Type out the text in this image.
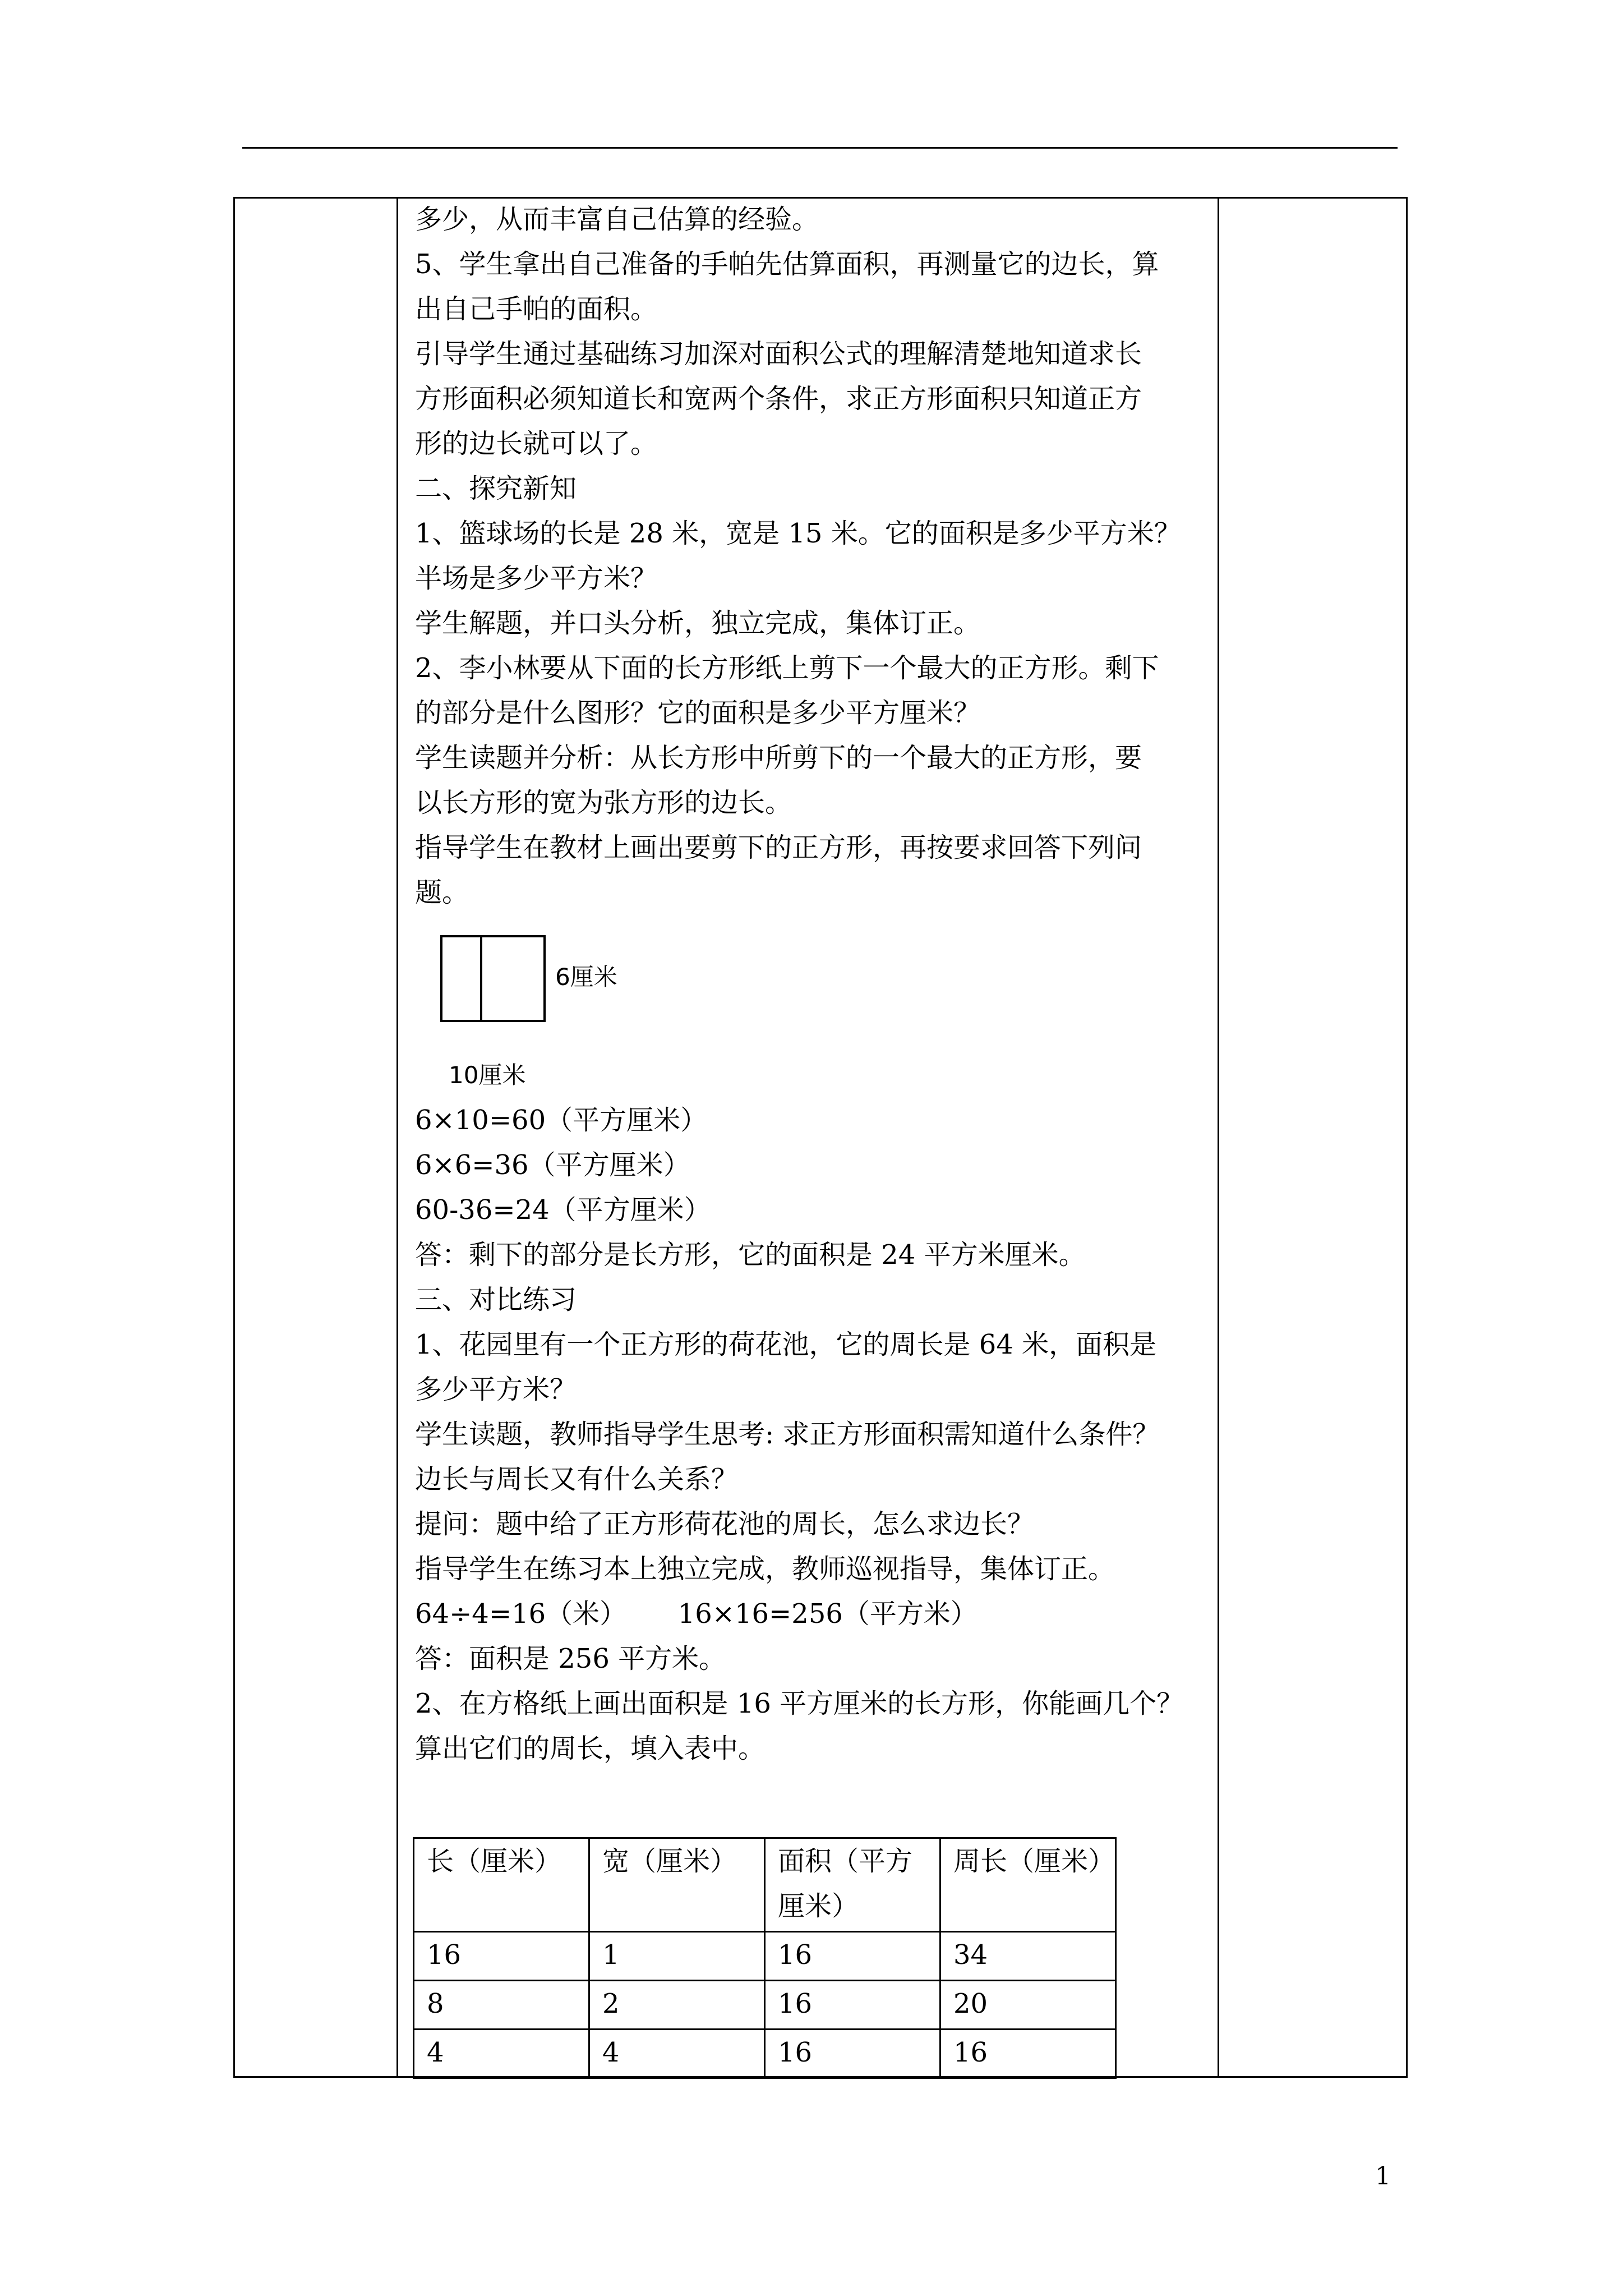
多少，从而丰富自己估算的经验。
5、学生拿出自己准备的手帕先估算面积，再测量它的边长，算
出自己手帕的面积。
引导学生通过基础练习加深对面积公式的理解清楚地知道求长
方形面积必须知道长和宽两个条件，求正方形面积只知道正方
形的边长就可以了。
二、探究新知
1、篮球场的长是 28 米，宽是 15 米。它的面积是多少平方米？
半场是多少平方米？
学生解题，并口头分析，独立完成，集体订正。
2、李小林要从下面的长方形纸上剪下一个最大的正方形。剩下
的部分是什么图形？它的面积是多少平方厘米？
学生读题并分析：从长方形中所剪下的一个最大的正方形，要
以长方形的宽为张方形的边长。
指导学生在教材上画出要剪下的正方形，再按要求回答下列问
题。
6厘米
10厘米
6×10=60（平方厘米）
6×6=36（平方厘米）
60-36=24（平方厘米）
答：剩下的部分是长方形，它的面积是 24 平方米厘米。
三、对比练习
1、花园里有一个正方形的荷花池，它的周长是 64 米，面积是
多少平方米？
学生读题，教师指导学生思考: 求正方形面积需知道什么条件？
边长与周长又有什么关系？
提问：题中给了正方形荷花池的周长，怎么求边长？
指导学生在练习本上独立完成，教师巡视指导，集体订正。
64÷4=16（米）      16×16=256（平方米）
答：面积是 256 平方米。
2、在方格纸上画出面积是 16 平方厘米的长方形，你能画几个？
算出它们的周长，填入表中。
长（厘米）	宽（厘米）	面积（平方
厘米）	周长（厘米）
16	1	16	34
8	2	16	20
4	4	16	16
1
